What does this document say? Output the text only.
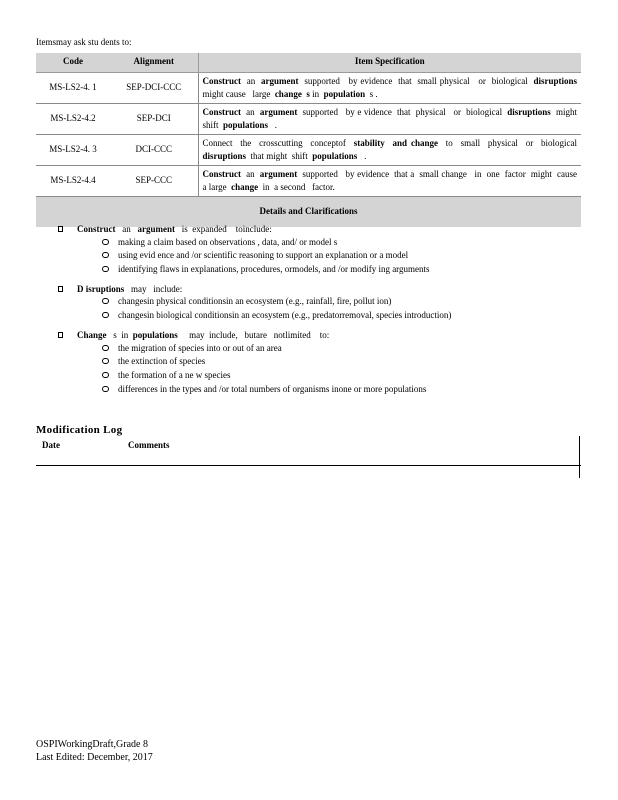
Itemsmay ask stu dents to:
Code	Alignment	Item Specification
MS-LS2-4. 1	SEP-DCI-CCC	Construct  an  argument  supported   by evidence  that  small physical   or  biological  disruptions  might cause   large  change s in  population  s .
MS-LS2-4.2	SEP-DCI	Construct  an  argument  supported   by e vidence  that  physical   or  biological  disruptions  might  shift  populations   .
MS-LS2-4. 3	DCI-CCC	Connect  the  crosscutting  conceptof  stability  and change  to  small  physical  or  biological  disruptions  that might  shift  populations   .
MS-LS2-4.4	SEP-CCC	Construct  an  argument  supported   by evidence  that a  small change   in  one  factor  might  cause   a large  change  in  a second   factor.
Details and Clarifications		
Construct   an   argument   is  expanded    toinclude:
making a claim based on observations , data, and/ or model s
using evid ence and /or scientific reasoning to support an explanation or a model
identifying flaws in explanations, procedures, ormodels, and /or modify ing arguments
D isruptions   may   include:
changesin physical conditionsin an ecosystem (e.g., rainfall, fire, pollut ion)
changesin biological conditionsin an ecosystem (e.g., predatorremoval, species introduction)
Change   s  in  populations     may  include,   butare   notlimited    to:
the migration of species into or out of an area
the extinction of species
the formation of a ne w species
differences in the types and /or total numbers of organisms inone or more populations
Modification Log
Date	Comments
OSPIWorkingDraft,Grade 8
Last Edited: December, 2017
